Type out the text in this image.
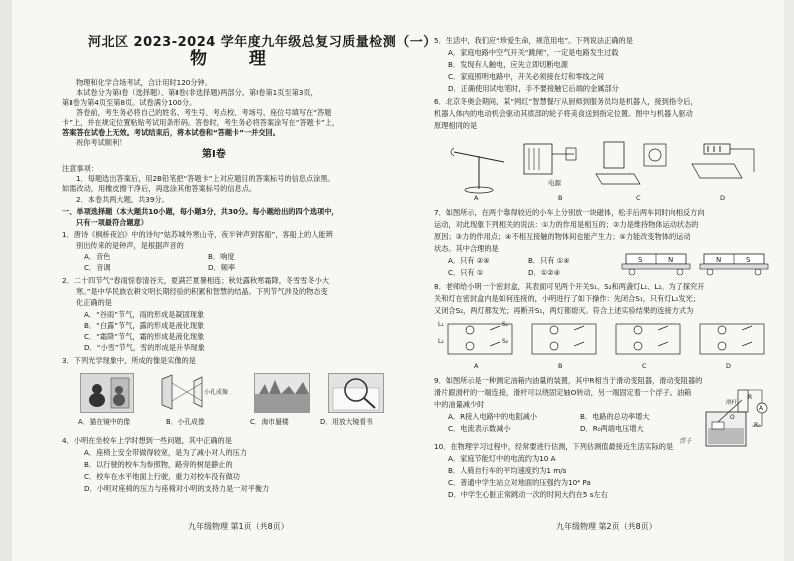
河北区 2023-2024 学年度九年级总复习质量检测（一）
物 理
物理和化学合场考试，合计用时120分钟。
本试卷分为第Ⅰ卷（选择题）、第Ⅱ卷(非选择题)两部分。第Ⅰ卷第1页至第3页，
第Ⅱ卷为第4页至第8页。试卷满分100分。
答卷前，考生务必将自己的姓名、考生号、考点校、考场号、座位号填写在“答题
卡”上，并在规定位置粘贴考试用条形码。答卷时，考生务必将答案涂写在“答题卡”上，
答案答在试卷上无效。考试结束后，将本试卷和“答题卡”一并交回。
祝你考试顺利！
第Ⅰ卷
注意事项：
1．每题选出答案后，用2B铅笔把“答题卡”上对应题目的答案标号的信息点涂黑。
如需改动，用橡皮擦干净后，再选涂其他答案标号的信息点。
2．本卷共两大题，共39分。
一、单项选择题（本大题共10小题，每小题3分，共30分。每小题给出的四个选项中，
只有一项最符合题意）
1．唐诗《枫桥夜泊》中的诗句“姑苏城外寒山寺，夜半钟声到客船”，客船上的人能辨
别出传来的是钟声，是根据声音的
A．音色	B．响度
C．音调	D．频率
2．二十四节气“春雨惊春清谷天，夏满芒夏暑相连；秋处露秋寒霜降，冬雪雪冬小大
寒。”是中华民族农耕文明长期经验的积累和智慧的结晶。下列节气涉及的物态变
化正确的是
A．“谷雨”节气，雨的形成是凝固现象
B．“白露”节气，露的形成是液化现象
C．“霜降”节气，霜的形成是液化现象
D．“小雪”节气，雪的形成是升华现象
3．下列光学现象中，所成的像是实像的是
小孔成像
A．猫在镜中的像	B．小孔成像	C．海市蜃楼	D．用放大镜看书
4．小明在坐校车上学时想到一些问题，其中正确的是
A．座椅上安全带做得较宽，是为了减小对人的压力
B．以行驶的校车为参照物，路旁的树是静止的
C．校车在水平地面上行驶，重力对校车没有做功
D．小明对座椅的压力与座椅对小明的支持力是一对平衡力
九年级物理 第1页（共8页）
5．生活中，我们应“珍爱生命，规范用电”。下列说法正确的是
A．家庭电路中空气开关“跳闸”，一定是电路发生过载
B．发现有人触电，应先立即切断电源
C．家庭照明电路中，开关必须接在灯和零线之间
D．正确使用试电笔时，手不要接触它后端的金属部分
6．北京冬奥会期间，某“网红”智慧餐厅从厨师到服务员均是机器人，接到指令后，
机器人体内的电动机会驱动其底部的轮子将美食送到指定位置。图中与机器人驱动
原理相同的是
电源
A	B	C	D
7．如图所示，在两个靠得较近的小车上分别放一块磁体，松手后两车同时向相反方向
运动，对此现象下列相关的说法：①力的作用是相互的；②力是维持物体运动状态的
原因；③力的作用点；④不相互接触的物体间也能产生力；⑤力能改变物体的运动
状态。其中合理的是
A．只有 ②④	B．只有 ①④
C．只有 ①	D．①②④
S	N	N	S
8．老师给小明一个密封盒，其表面可见两个开关S₁、S₂和两盏灯L₁、L₂。为了探究开
关和灯在密封盒内是如何连接的，小明进行了如下操作：先闭合S₁，只有灯L₁发光；
又闭合S₂，两灯都发光；再断开S₁，两灯都熄灭。符合上述实验结果的连接方式为
L₁
L₂
S₁
S₂
A	B	C	D
9．如图所示是一种测定油箱内油量的装置，其中R相当于滑动变阻器，滑动变阻器的
滑片跟滑杆的一端连接，滑杆可以绕固定轴O转动，另一端固定着一个浮子。油箱
中的油量减少时
A．R接入电路中的电阻减小	B．电路的总功率增大
C．电流表示数减小	D．R₀两端电压增大
滑杆
R
O
A
浮子
R₀
10．在物理学习过程中，经常要进行估测，下列估测值最接近生活实际的是
A．家庭节能灯中的电流约为10 A
B．人骑自行车的平均速度约为1 m/s
C．普通中学生站立对地面的压强约为10⁴ Pa
D．中学生心脏正常跳动一次的时间大约在5 s左右
九年级物理 第2页（共8页）
